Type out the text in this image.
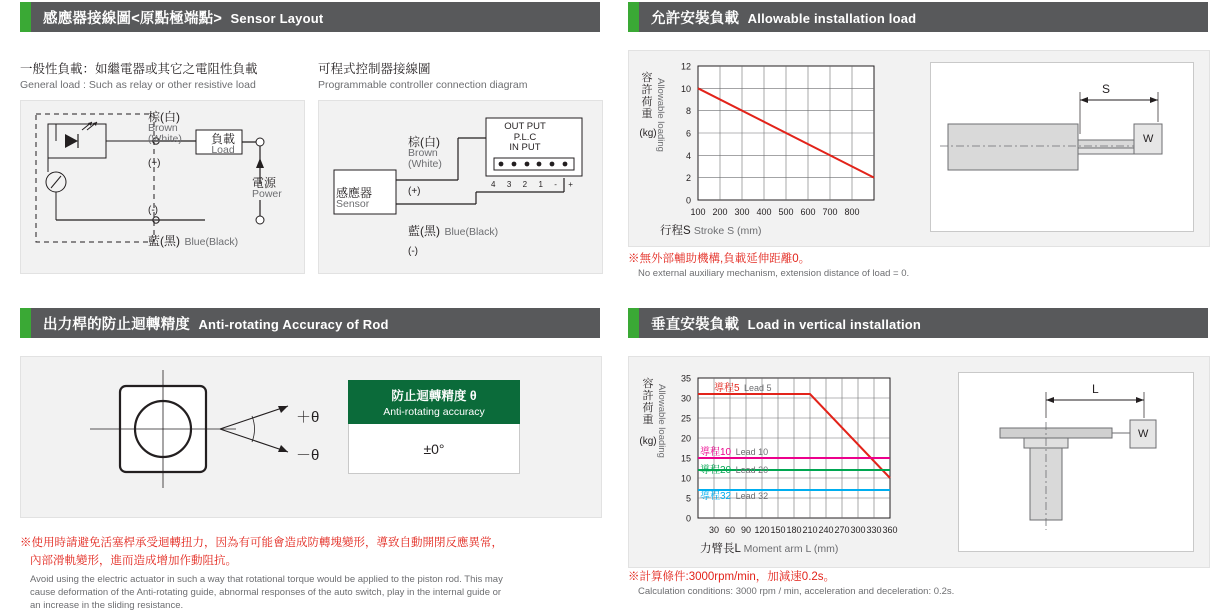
感應器接線圖<原點極端點> Sensor Layout
一般性負載：如繼電器或其它之電阻性負載
General load : Such as relay or other resistive load
可程式控制器接線圖
Programmable controller connection diagram
棕(白)
Brown
(White)	負載
Load
(+)
(-)
電源
Power
藍(黑) Blue(Black)
感應器
Sensor
棕(白)
Brown
(White)
(+)
(-)
藍(黑) Blue(Black)
OUT PUT
P.L.C
IN PUT
4 3 2 1 - +
允許安裝負載 Allowable installation load
12
10
8
6
4
2
0
100 200 300 400 500 600 700 800
容許荷重
(kg)
Allowable loading
行程S Stroke S (mm)
S
W
※無外部輔助機構,負載延伸距離0。
No external auxiliary mechanism, extension distance of load = 0.
出力桿的防止迴轉精度 Anti-rotating Accuracy of Rod
＋θ
－θ
防止迴轉精度 θ
Anti-rotating accuracy
±0°
※使用時請避免活塞桿承受迴轉扭力，因為有可能會造成防轉塊變形，導致自動開閉反應異常，
內部滑軌變形，進而造成增加作動阻抗。
Avoid using the electric actuator in such a way that rotational torque would be applied to the piston rod. This may
cause deformation of the Anti-rotating guide, abnormal responses of the auto switch, play in the internal guide or
an increase in the sliding resistance.
垂直安裝負載 Load in vertical installation
35
30
25
20
15
10
5
0
30 60 90 120 150 180 210 240 270 300 330 360
導程5 Lead 5
導程10 Lead 10
導程20 Lead 20
導程32 Lead 32
容許荷重
(kg) Allowable loading
力臂長L Moment arm L (mm)
L
W
※計算條件:3000rpm/min，加減速0.2s。
Calculation conditions: 3000 rpm / min, acceleration and deceleration: 0.2s.
